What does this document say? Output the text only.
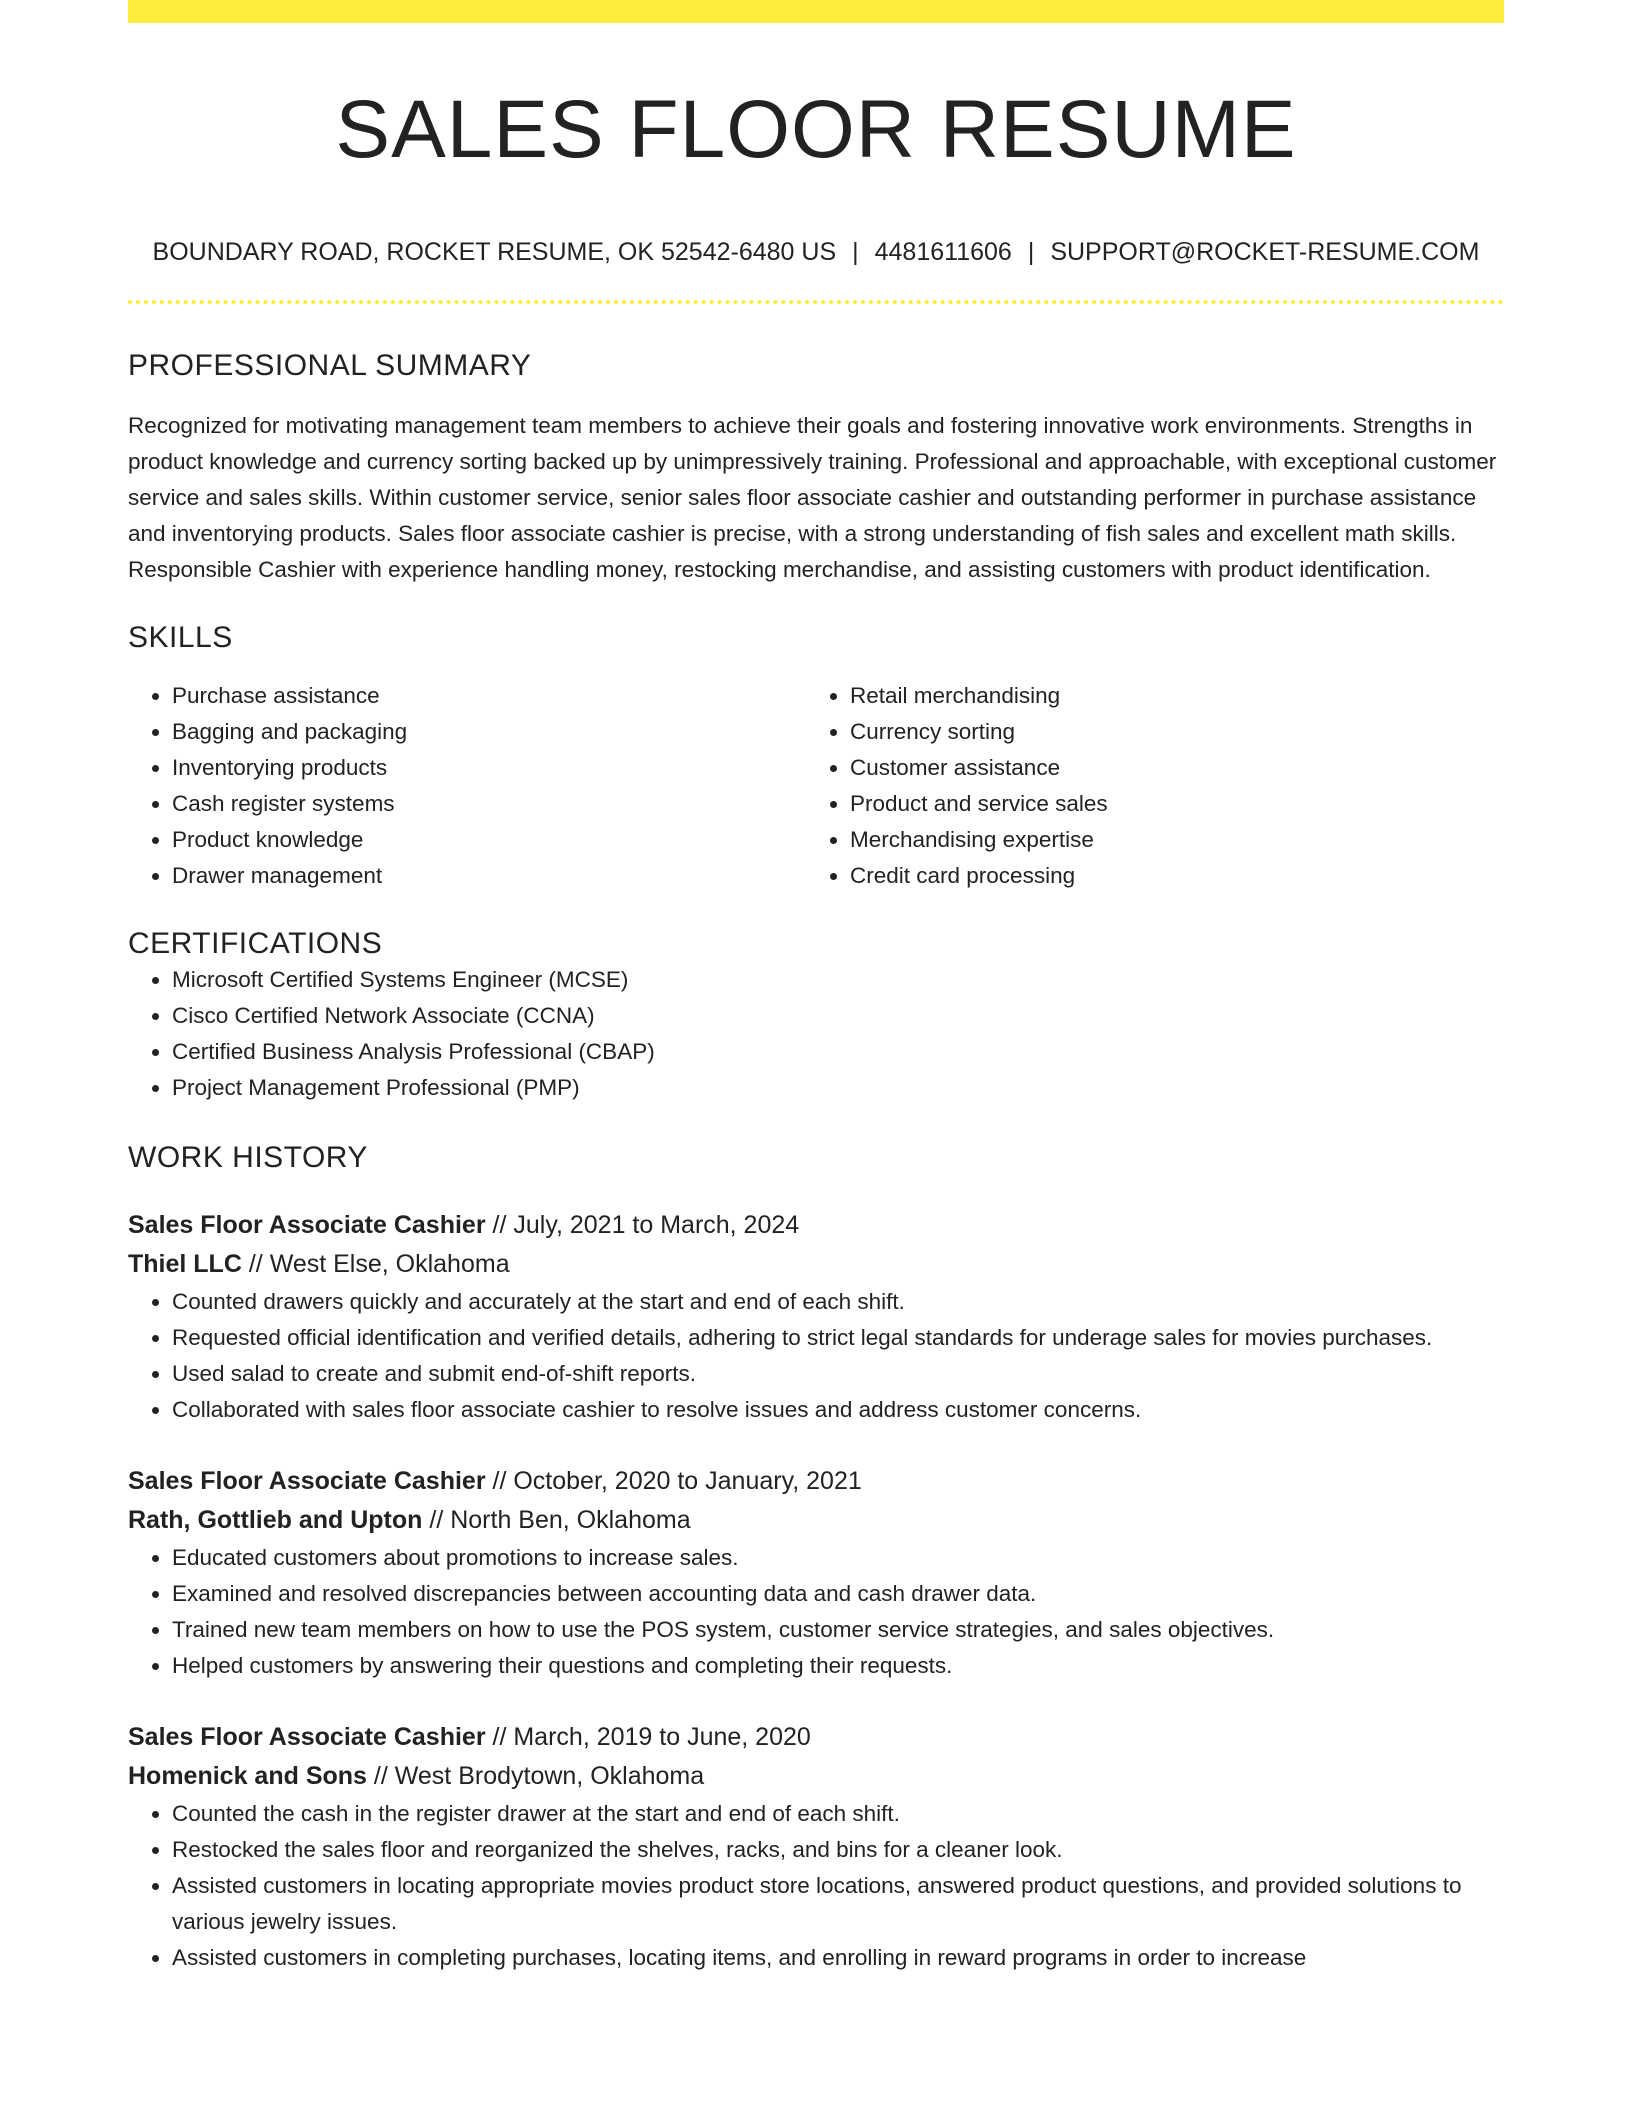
SALES FLOOR RESUME
BOUNDARY ROAD, ROCKET RESUME, OK 52542-6480 US | 4481611606 | SUPPORT@ROCKET-RESUME.COM
PROFESSIONAL SUMMARY

Recognized for motivating management team members to achieve their goals and fostering innovative work environments. Strengths in product knowledge and currency sorting backed up by unimpressively training. Professional and approachable, with exceptional customer service and sales skills. Within customer service, senior sales floor associate cashier and outstanding performer in purchase assistance and inventorying products. Sales floor associate cashier is precise, with a strong understanding of fish sales and excellent math skills. Responsible Cashier with experience handling money, restocking merchandise, and assisting customers with product identification.

SKILLS
• Purchase assistance
• Bagging and packaging
• Inventorying products
• Cash register systems
• Product knowledge
• Drawer management
• Retail merchandising
• Currency sorting
• Customer assistance
• Product and service sales
• Merchandising expertise
• Credit card processing
CERTIFICATIONS
• Microsoft Certified Systems Engineer (MCSE)
• Cisco Certified Network Associate (CCNA)
• Certified Business Analysis Professional (CBAP)
• Project Management Professional (PMP)
WORK HISTORY
Sales Floor Associate Cashier // July, 2021 to March, 2024
Thiel LLC // West Else, Oklahoma
• Counted drawers quickly and accurately at the start and end of each shift.
• Requested official identification and verified details, adhering to strict legal standards for underage sales for movies purchases.
• Used salad to create and submit end-of-shift reports.
• Collaborated with sales floor associate cashier to resolve issues and address customer concerns.
Sales Floor Associate Cashier // October, 2020 to January, 2021
Rath, Gottlieb and Upton // North Ben, Oklahoma
• Educated customers about promotions to increase sales.
• Examined and resolved discrepancies between accounting data and cash drawer data.
• Trained new team members on how to use the POS system, customer service strategies, and sales objectives.
• Helped customers by answering their questions and completing their requests.
Sales Floor Associate Cashier // March, 2019 to June, 2020
Homenick and Sons // West Brodytown, Oklahoma
• Counted the cash in the register drawer at the start and end of each shift.
• Restocked the sales floor and reorganized the shelves, racks, and bins for a cleaner look.
• Assisted customers in locating appropriate movies product store locations, answered product questions, and provided solutions to various jewelry issues.
• Assisted customers in completing purchases, locating items, and enrolling in reward programs in order to increase
